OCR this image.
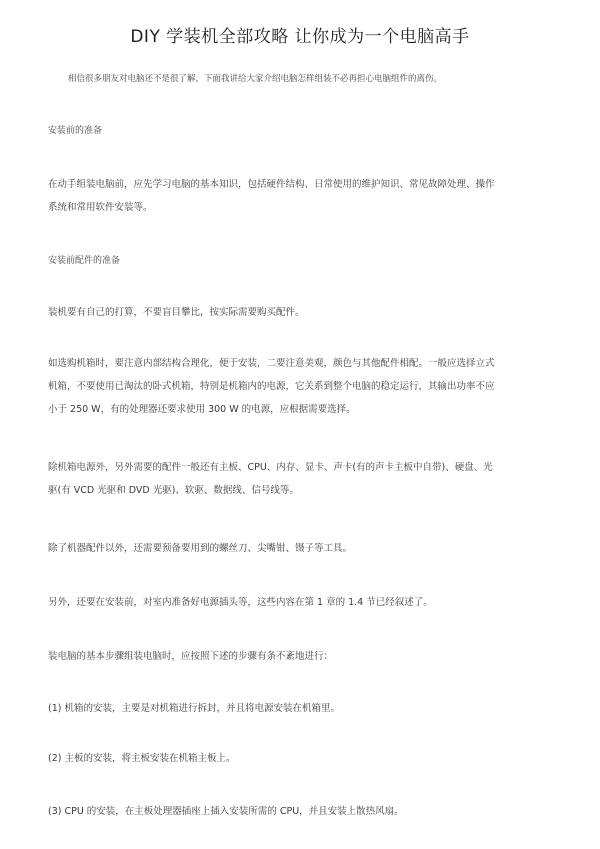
DIY 学装机全部攻略 让你成为一个电脑高手
相信很多朋友对电脑还不是很了解，下面我讲给大家介绍电脑怎样组装不必再担心电脑组件的离伤。
安装前的准备
在动手组装电脑前，应先学习电脑的基本知识，包括硬件结构、日常使用的维护知识、常见故障处理、操作
系统和常用软件安装等。
安装前配件的准备
装机要有自己的打算，不要盲目攀比，按实际需要购买配件。
如选购机箱时，要注意内部结构合理化，便于安装，二要注意美观，颜色与其他配件相配。一般应选择立式
机箱，不要使用已淘汰的卧式机箱，特别是机箱内的电源，它关系到整个电脑的稳定运行，其输出功率不应
小于 250 W，有的处理器还要求使用 300 W 的电源，应根据需要选择。
除机箱电源外，另外需要的配件一般还有主板、CPU、内存、显卡、声卡(有的声卡主板中自带)、硬盘、光
驱(有 VCD 光驱和 DVD 光驱)、软驱、数据线、信号线等。
除了机器配件以外，还需要预备要用到的螺丝刀、尖嘴钳、镊子等工具。
另外，还要在安装前，对室内准备好电源插头等，这些内容在第 1 章的 1.4 节已经叙述了。
装电脑的基本步骤组装电脑时，应按照下述的步骤有条不紊地进行：
(1) 机箱的安装，主要是对机箱进行拆封，并且将电源安装在机箱里。
(2) 主板的安装，将主板安装在机箱主板上。
(3) CPU 的安装，在主板处理器插座上插入安装所需的 CPU，并且安装上散热风扇。
